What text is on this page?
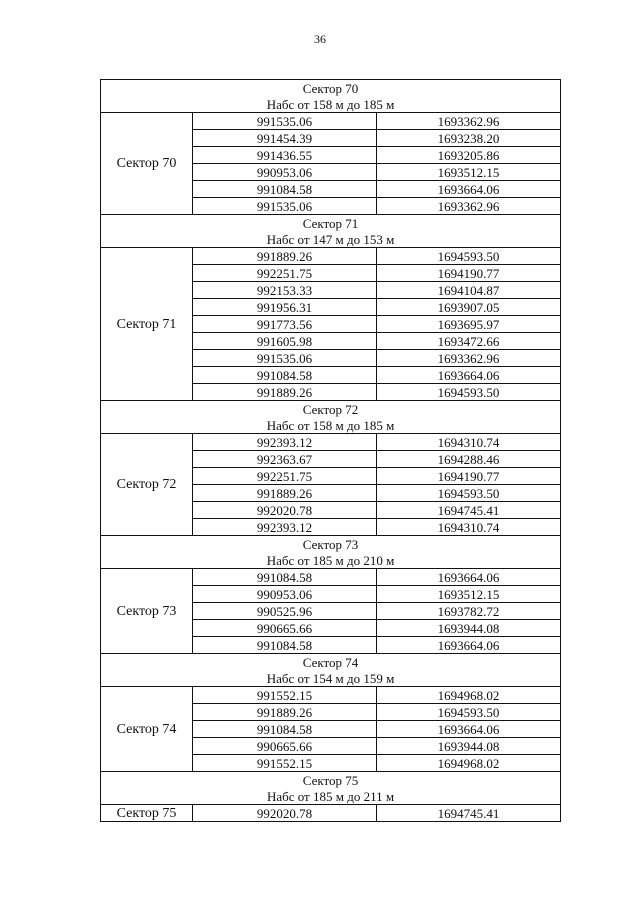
36
Сектор 70		
Набс от 158 м до 185 м		
Сектор 70	991535.06	1693362.96
	991454.39	1693238.20
	991436.55	1693205.86
	990953.06	1693512.15
	991084.58	1693664.06
	991535.06	1693362.96
Сектор 71		
Набс от 147 м до 153 м		
Сектор 71	991889.26	1694593.50
	992251.75	1694190.77
	992153.33	1694104.87
	991956.31	1693907.05
	991773.56	1693695.97
	991605.98	1693472.66
	991535.06	1693362.96
	991084.58	1693664.06
	991889.26	1694593.50
Сектор 72		
Набс от 158 м до 185 м		
Сектор 72	992393.12	1694310.74
	992363.67	1694288.46
	992251.75	1694190.77
	991889.26	1694593.50
	992020.78	1694745.41
	992393.12	1694310.74
Сектор 73		
Набс от 185 м до 210 м		
Сектор 73	991084.58	1693664.06
	990953.06	1693512.15
	990525.96	1693782.72
	990665.66	1693944.08
	991084.58	1693664.06
Сектор 74		
Набс от 154 м до 159 м		
Сектор 74	991552.15	1694968.02
	991889.26	1694593.50
	991084.58	1693664.06
	990665.66	1693944.08
	991552.15	1694968.02
Сектор 75		
Набс от 185 м до 211 м		
Сектор 75	992020.78	1694745.41
